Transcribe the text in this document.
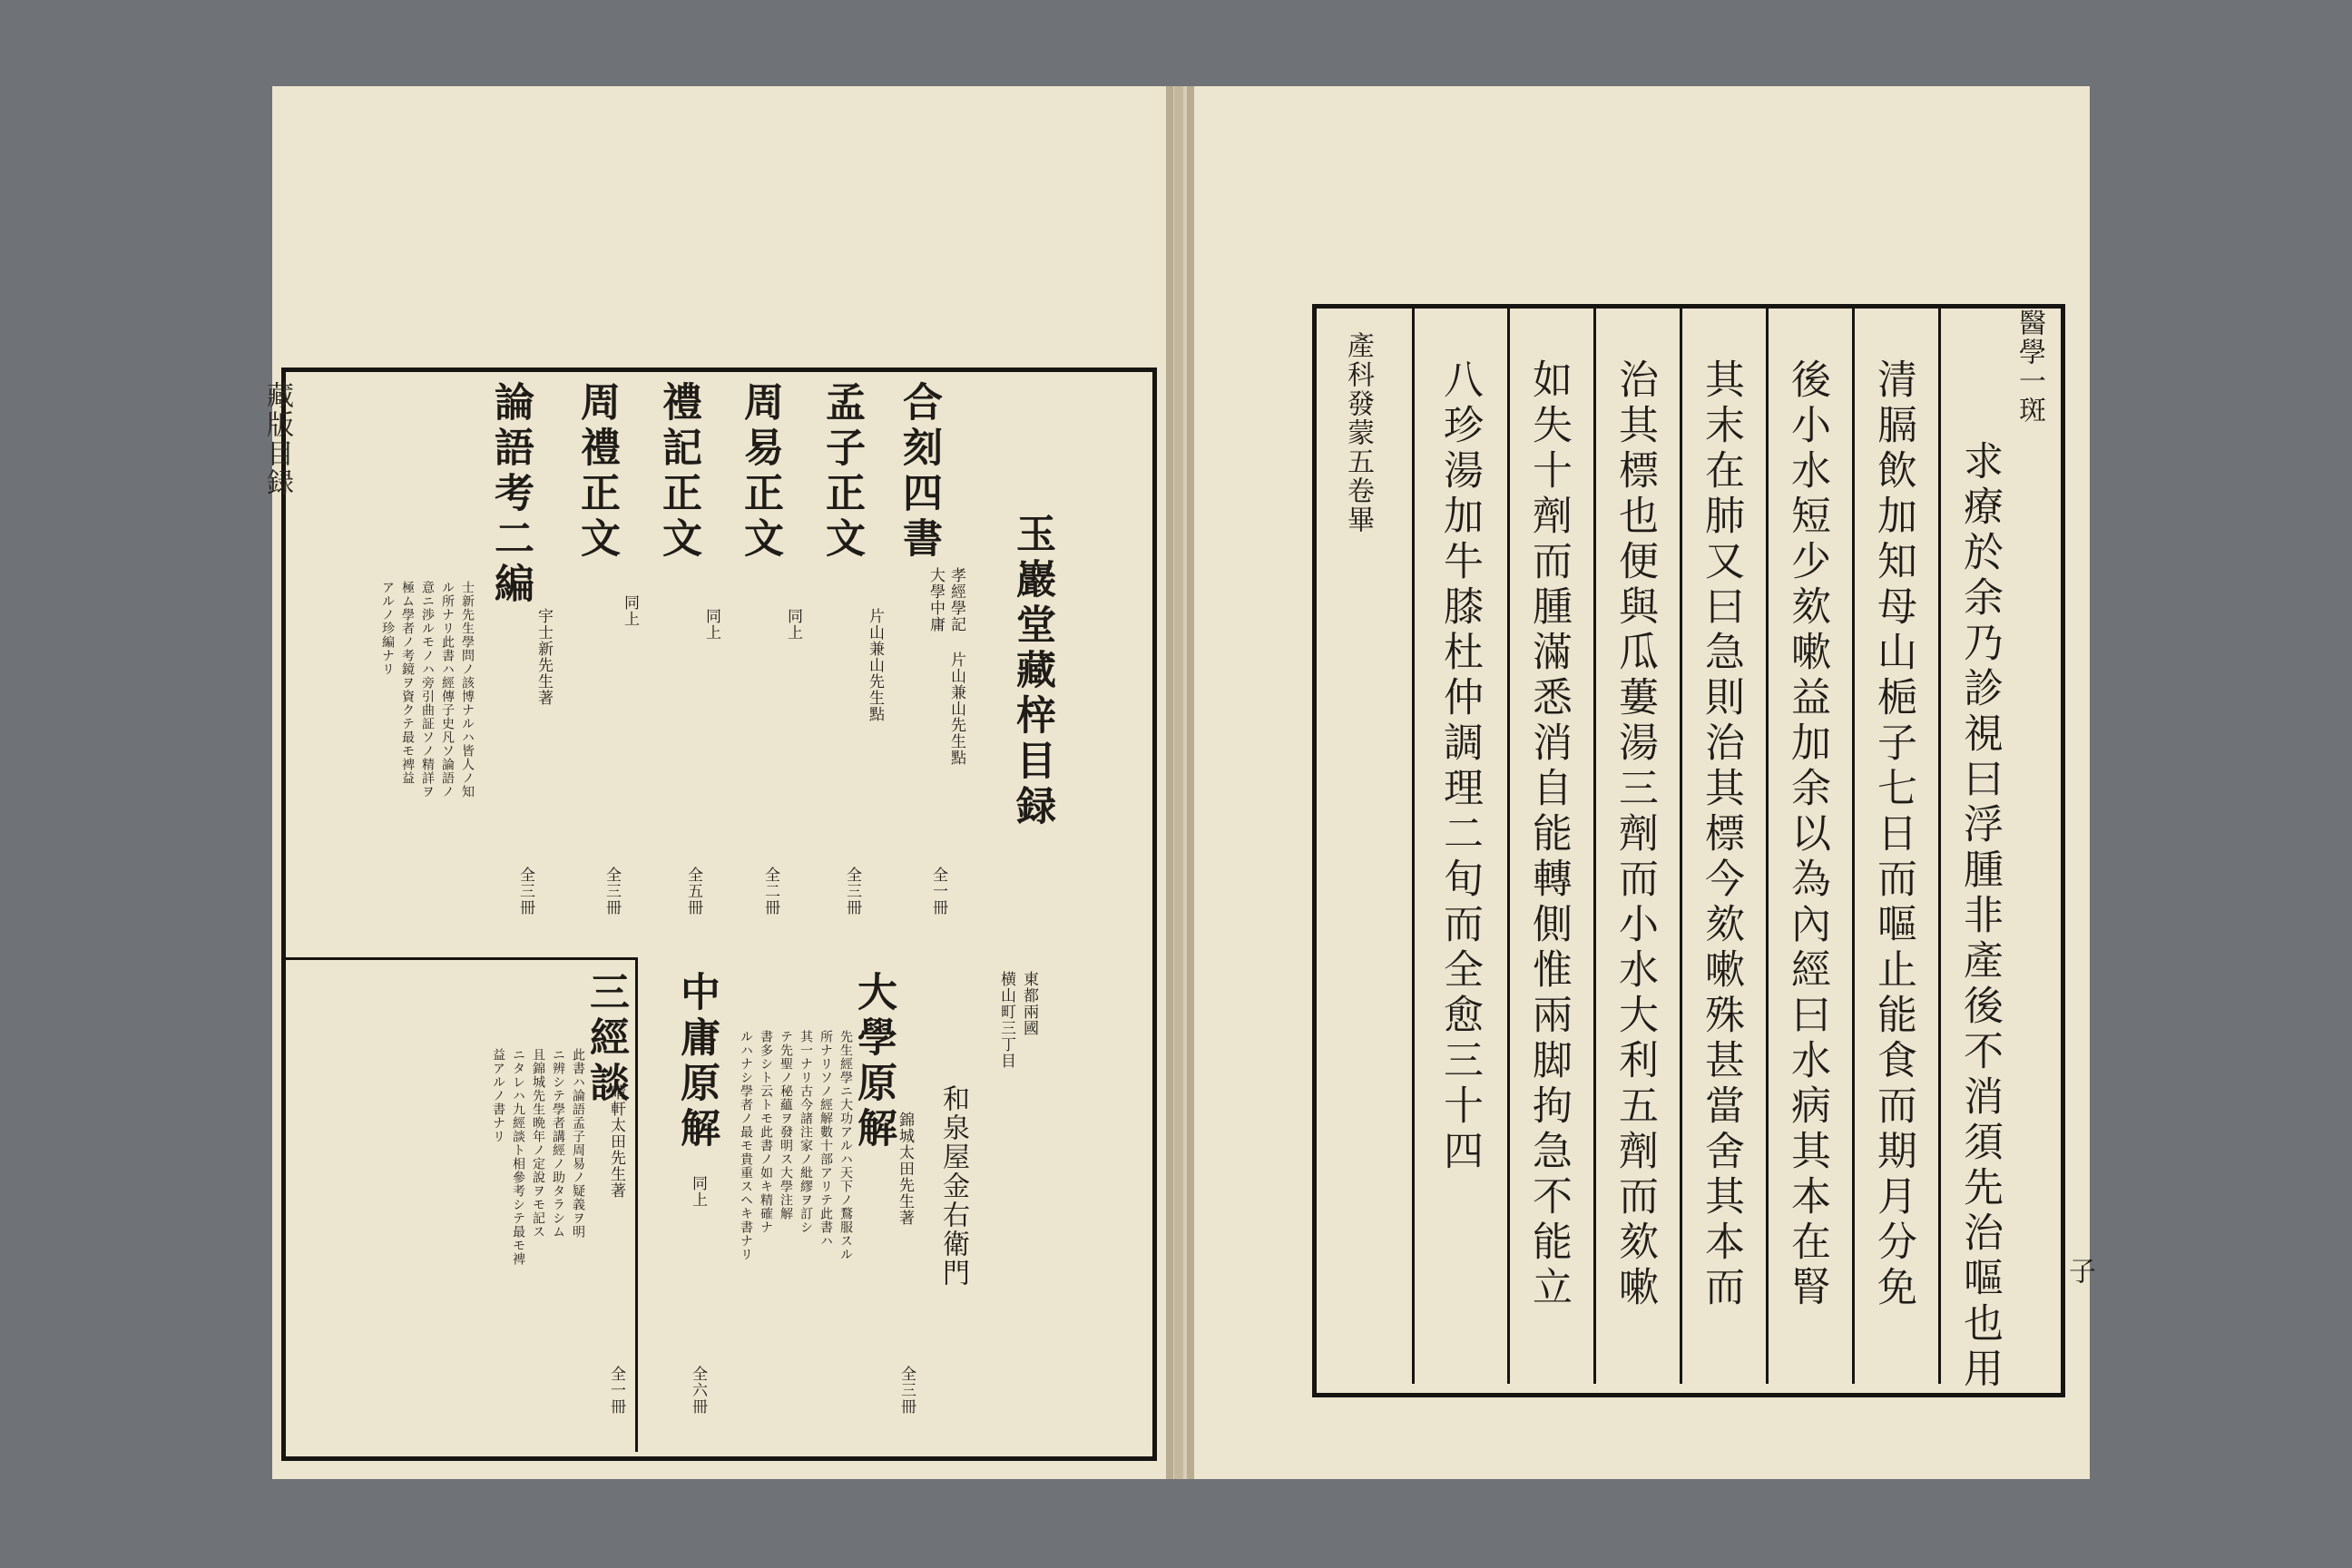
藏版目録
玉巖堂藏梓目録
合刻四書
孝經學記 片山兼山先生點
大學中庸
全一冊
孟子正文
片山兼山先生點
全三冊
周易正文
同上
全二冊
禮記正文
同上
全五冊
周禮正文
同上
全三冊
論語考二編
宇士新先生著
全三冊
士新先生學問ノ該博ナルハ皆人ノ知
ル所ナリ此書ハ經傳子史凡ソ論語ノ
意ニ渉ルモノハ旁引曲証ソノ精詳ヲ
極ム學者ノ考鏡ヲ資クテ最モ裨益
アルノ珍編ナリ
東都兩國
横山町三丁目
和泉屋金右衛門
大學原解
錦城太田先生著
全三冊
先生經學ニ大功アルハ天下ノ鶩服スル
所ナリソノ經解數十部アリテ此書ハ
其一ナリ古今諸注家ノ紕繆ヲ訂シ
テ先聖ノ秘蘊ヲ發明ス大學注解
書多シト云トモ此書ノ如キ精確ナ
ルハナシ學者ノ最モ貴重スヘキ書ナリ
中庸原解
同上
全六冊
三經談
晴軒太田先生著
全一冊
此書ハ論語孟子周易ノ疑義ヲ明
ニ辨シテ學者講經ノ助タラシム
且錦城先生晩年ノ定說ヲモ記ス
ニタレハ九經談ト相參考シテ最モ裨
益アルノ書ナリ
醫學一斑
求療於余乃診視曰浮腫非產後不消須先治嘔也用
清膈飲加知母山梔子七日而嘔止能食而期月分免
後小水短少欬嗽益加余以為內經曰水病其本在腎
其末在肺又曰急則治其標今欬嗽殊甚當舍其本而
治其標也便與瓜蔞湯三劑而小水大利五劑而欬嗽
如失十劑而腫滿悉消自能轉側惟兩脚拘急不能立
八珍湯加牛膝杜仲調理二旬而全愈三十四
產科發蒙五卷畢
子
